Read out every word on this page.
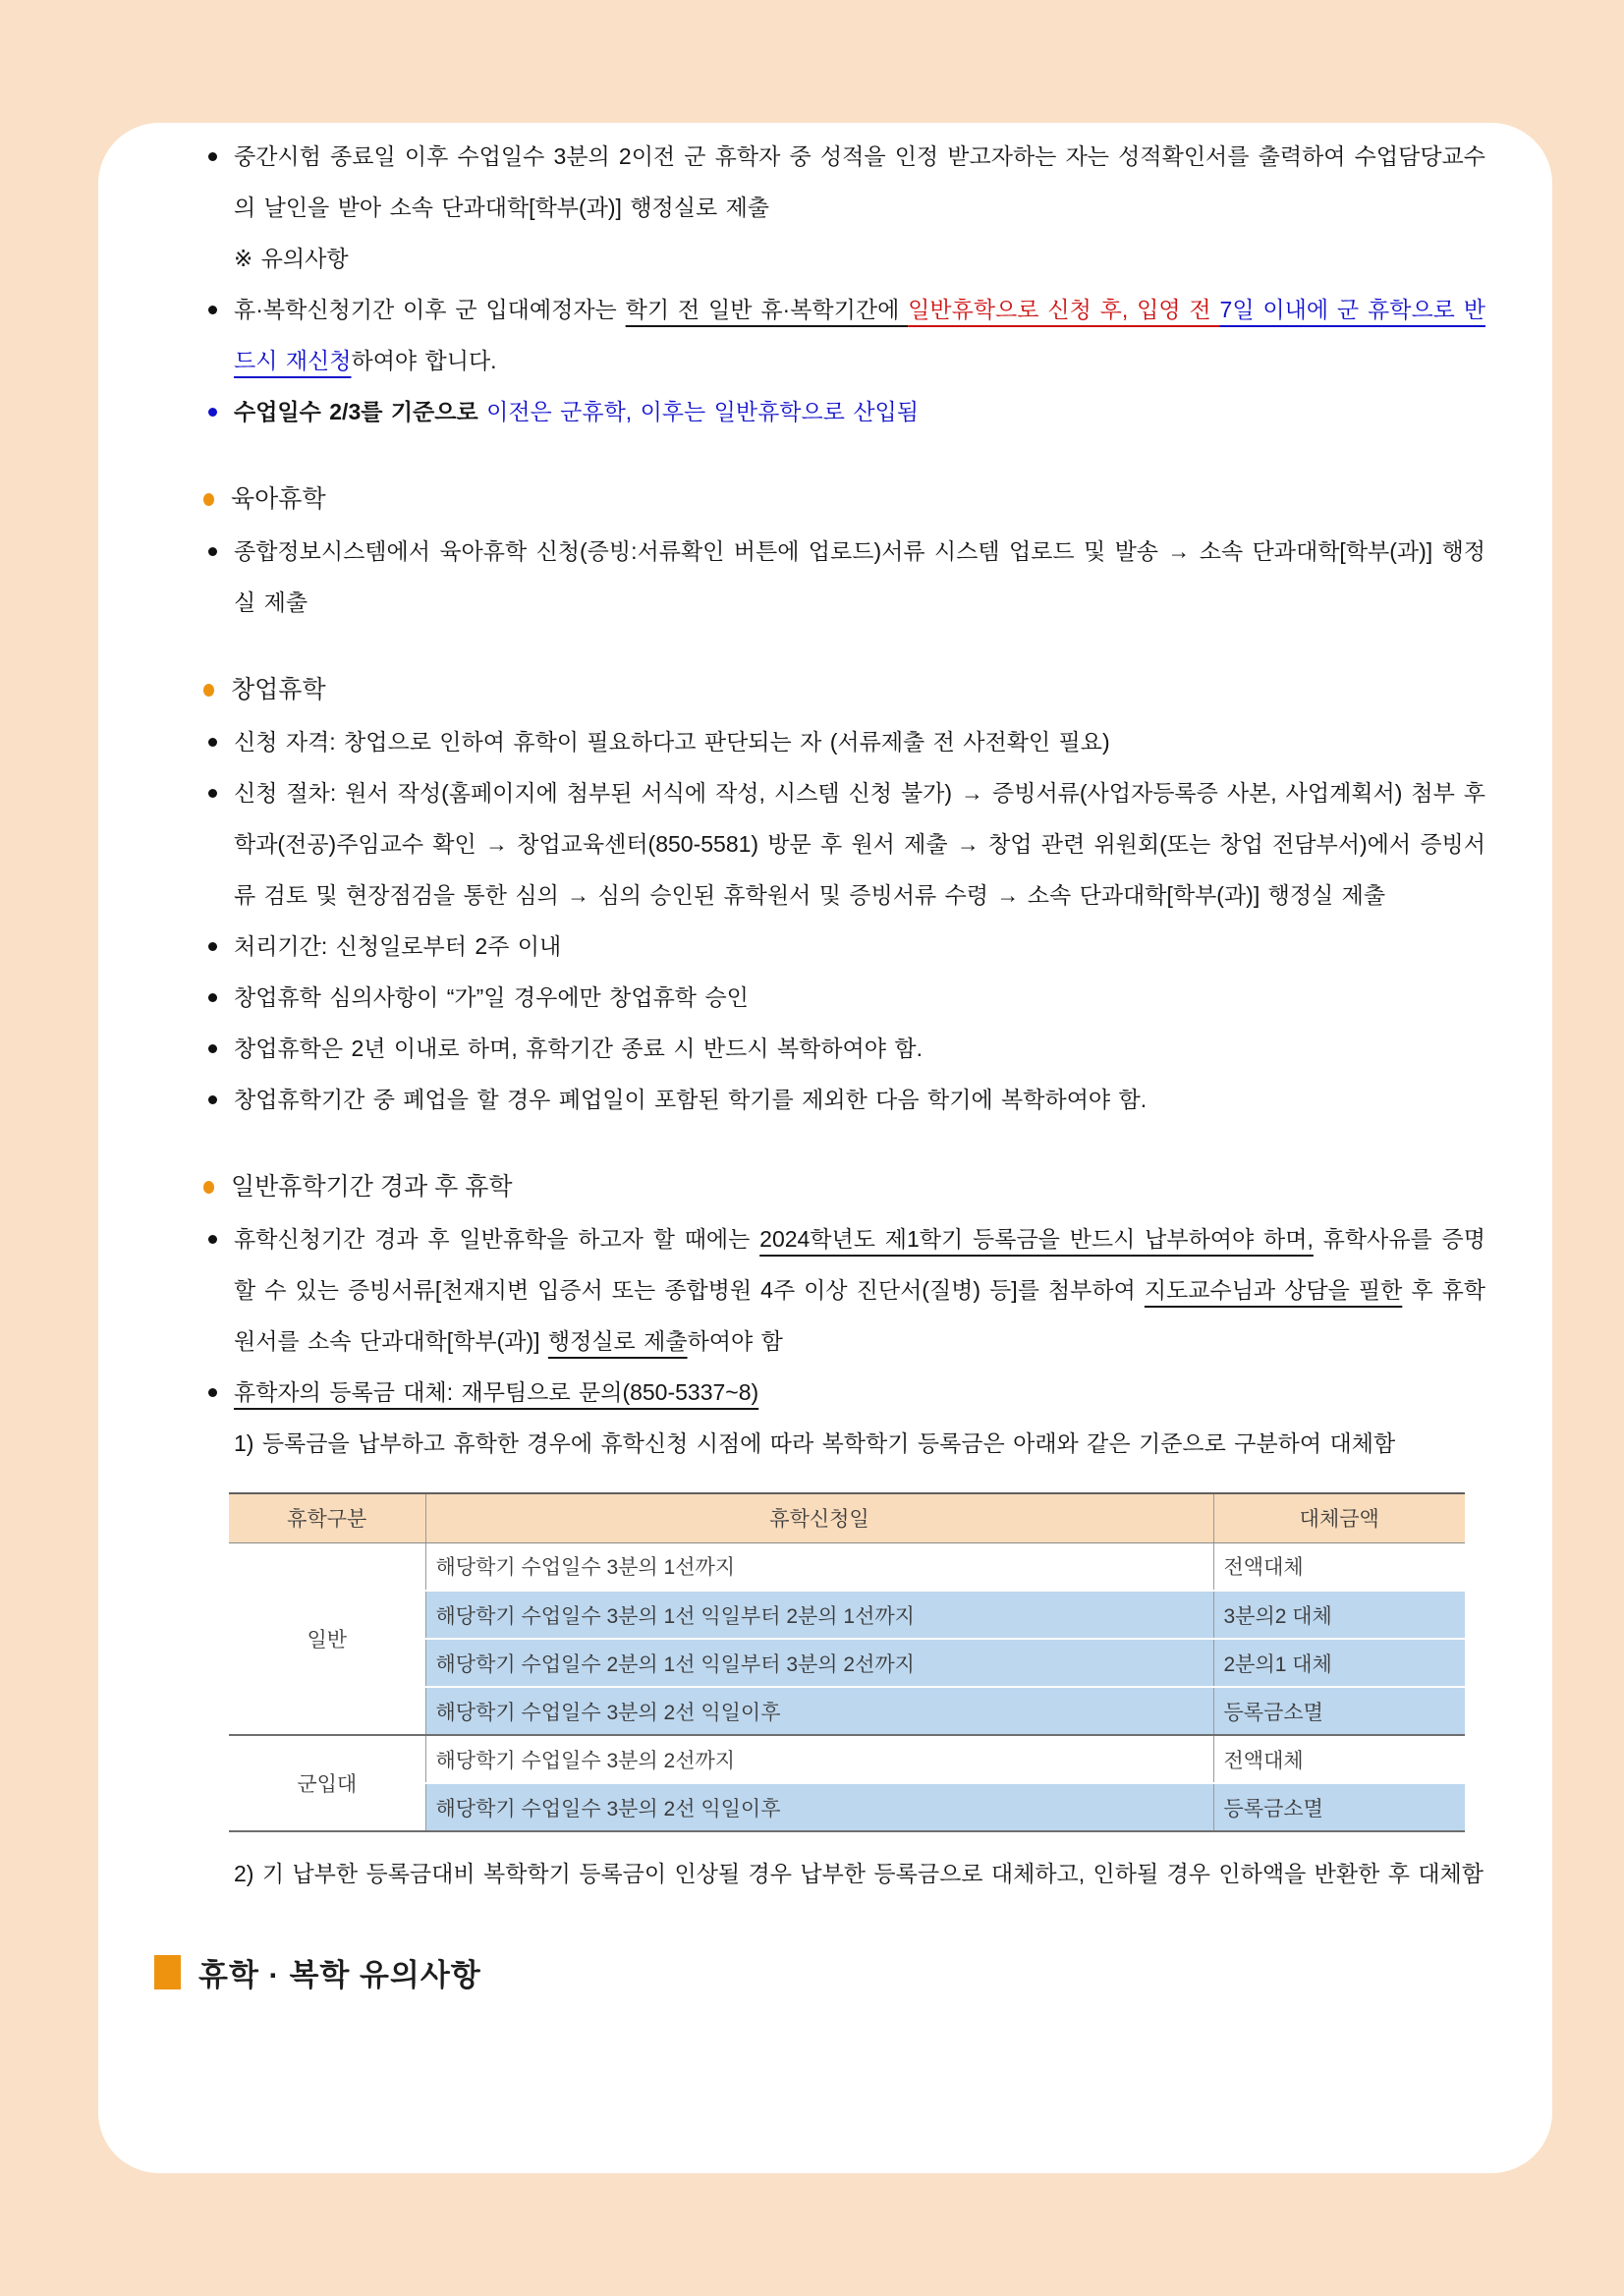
중간시험 종료일 이후 수업일수 3분의 2이전 군 휴학자 중 성적을 인정 받고자하는 자는 성적확인서를 출력하여 수업담당교수의 날인을 받아 소속 단과대학[학부(과)] 행정실로 제출
※ 유의사항
휴·복학신청기간 이후 군 입대예정자는 학기 전 일반 휴·복학기간에 일반휴학으로 신청 후, 입영 전 7일 이내에 군 휴학으로 반드시 재신청하여야 합니다.
수업일수 2/3를 기준으로 이전은 군휴학, 이후는 일반휴학으로 산입됨
육아휴학
종합정보시스템에서 육아휴학 신청(증빙:서류확인 버튼에 업로드)서류 시스템 업로드 및 발송 → 소속 단과대학[학부(과)] 행정실 제출
창업휴학
신청 자격: 창업으로 인하여 휴학이 필요하다고 판단되는 자 (서류제출 전 사전확인 필요)
신청 절차: 원서 작성(홈페이지에 첨부된 서식에 작성, 시스템 신청 불가) → 증빙서류(사업자등록증 사본, 사업계획서) 첨부 후 학과(전공)주임교수 확인 → 창업교육센터(850-5581) 방문 후 원서 제출 → 창업 관련 위원회(또는 창업 전담부서)에서 증빙서류 검토 및 현장점검을 통한 심의 → 심의 승인된 휴학원서 및 증빙서류 수령 → 소속 단과대학[학부(과)] 행정실 제출
처리기간: 신청일로부터 2주 이내
창업휴학 심의사항이 “가”일 경우에만 창업휴학 승인
창업휴학은 2년 이내로 하며, 휴학기간 종료 시 반드시 복학하여야 함.
창업휴학기간 중 폐업을 할 경우 폐업일이 포함된 학기를 제외한 다음 학기에 복학하여야 함.
일반휴학기간 경과 후 휴학
휴학신청기간 경과 후 일반휴학을 하고자 할 때에는 2024학년도 제1학기 등록금을 반드시 납부하여야 하며, 휴학사유를 증명할 수 있는 증빙서류[천재지변 입증서 또는 종합병원 4주 이상 진단서(질병) 등]를 첨부하여 지도교수님과 상담을 필한 후 휴학 원서를 소속 단과대학[학부(과)] 행정실로 제출하여야 함
휴학자의 등록금 대체: 재무팀으로 문의(850-5337~8)
1) 등록금을 납부하고 휴학한 경우에 휴학신청 시점에 따라 복학학기 등록금은 아래와 같은 기준으로 구분하여 대체함
휴학구분	휴학신청일	대체금액
일반	해당학기 수업일수 3분의 1선까지	전액대체
	해당학기 수업일수 3분의 1선 익일부터 2분의 1선까지	3분의2 대체
	해당학기 수업일수 2분의 1선 익일부터 3분의 2선까지	2분의1 대체
	해당학기 수업일수 3분의 2선 익일이후	등록금소멸
군입대	해당학기 수업일수 3분의 2선까지	전액대체
	해당학기 수업일수 3분의 2선 익일이후	등록금소멸
2) 기 납부한 등록금대비 복학학기 등록금이 인상될 경우 납부한 등록금으로 대체하고, 인하될 경우 인하액을 반환한 후 대체함
휴학 · 복학 유의사항
